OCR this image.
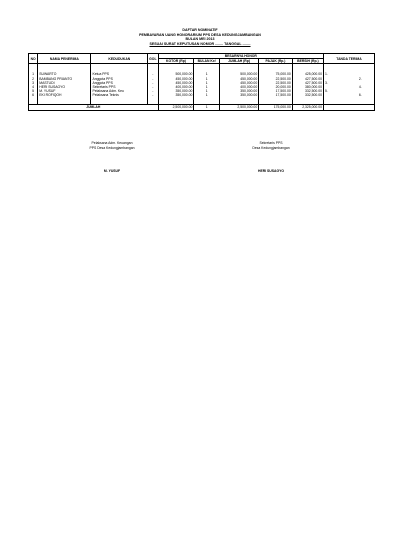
DAFTAR NOMINATIF
PEMBAYARAN UANG HONORARIUM PPS DESA KEDUNGJAMBANGAN
BULAN MEI 2013
SESUAI SURAT KEPUTUSAN NOMOR ........ TANGGAL ........
NO	NAMA PENERIMA	KEDUDUKAN	GOL	BESARNYA HONOR					TANDA TERIMA	
				KOTOR (Rp)	BULAN Ke/	JUMLAH (Rp)	PAJAK (Rp.)	BERSIH (Rp.)		

1	SUWARTO	Ketua PPS	-	500,000.00	1	500,000.00	75,000.00	425,000.00	1.	
2	BAMBANG PRIANTO	Anggota PPS	-	450,000.00	1	450,000.00	22,500.00	427,500.00		2.
3	MASTUDI	Anggota PPS	-	450,000.00	1	450,000.00	22,500.00	427,500.00	3.	
4	HERI SUSAGYO	Sekretaris PPS	-	400,000.00	1	400,000.00	20,000.00	380,000.00		4.
5	M. YUSUF	Pelaksana Adm. Keu	-	350,000.00	1	350,000.00	17,500.00	332,500.00	5.	
6	EKI ROFIQOH	Pelaksana Teknis	-	350,000.00	1	350,000.00	17,500.00	332,500.00		6.

JUMLAH				2,500,000.00	1	2,500,000.00	175,000.00	2,325,000.00		
Pelaksana Adm. Keuangan
PPS Desa Kedungjambangan
M. YUSUF
Sekretaris PPS
Desa Kedungjambangan
HERI SUSAGYO
